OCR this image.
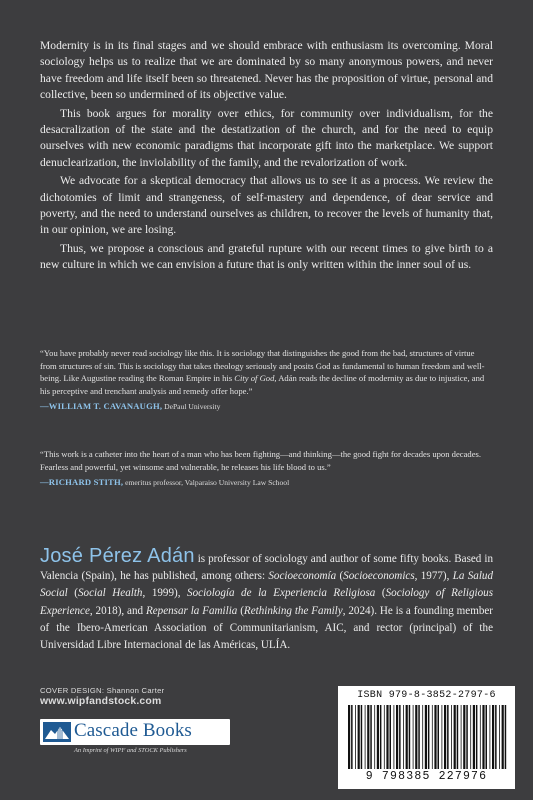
Modernity is in its final stages and we should embrace with enthusiasm its overcoming. Moral sociology helps us to realize that we are dominated by so many anonymous powers, and never have freedom and life itself been so threatened. Never has the proposition of virtue, personal and collective, been so undermined of its objective value.

This book argues for morality over ethics, for community over individualism, for the desacralization of the state and the destatization of the church, and for the need to equip ourselves with new economic paradigms that incorporate gift into the marketplace. We support denuclearization, the inviolability of the family, and the revalorization of work.

We advocate for a skeptical democracy that allows us to see it as a process. We review the dichotomies of limit and strangeness, of self-mastery and dependence, of dear service and poverty, and the need to understand ourselves as children, to recover the levels of humanity that, in our opinion, we are losing.

Thus, we propose a conscious and grateful rupture with our recent times to give birth to a new culture in which we can envision a future that is only written within the inner soul of us.

“You have probably never read sociology like this. It is sociology that distinguishes the good from the bad, structures of virtue from structures of sin. This is sociology that takes theology seriously and posits God as fundamental to human freedom and well-being. Like Augustine reading the Roman Empire in his City of God, Adán reads the decline of modernity as due to injustice, and his perceptive and trenchant analysis and remedy offer hope.”

—WILLIAM T. CAVANAUGH, DePaul University

“This work is a catheter into the heart of a man who has been fighting—and thinking—the good fight for decades upon decades. Fearless and powerful, yet winsome and vulnerable, he releases his life blood to us.”

—RICHARD STITH, emeritus professor, Valparaiso University Law School

José Pérez Adán is professor of sociology and author of some fifty books. Based in Valencia (Spain), he has published, among others: Socioeconomía (Socioeconomics, 1977), La Salud Social (Social Health, 1999), Sociología de la Experiencia Religiosa (Sociology of Religious Experience, 2018), and Repensar la Familia (Rethinking the Family, 2024). He is a founding member of the Ibero-American Association of Communitarianism, AIC, and rector (principal) of the Universidad Libre Internacional de las Américas, ULÍA.
COVER DESIGN: Shannon Carter
www.wipfandstock.com
Cascade Books
An Imprint of WIPF and STOCK Publishers
ISBN 979-8-3852-2797-6
9 798385 227976
